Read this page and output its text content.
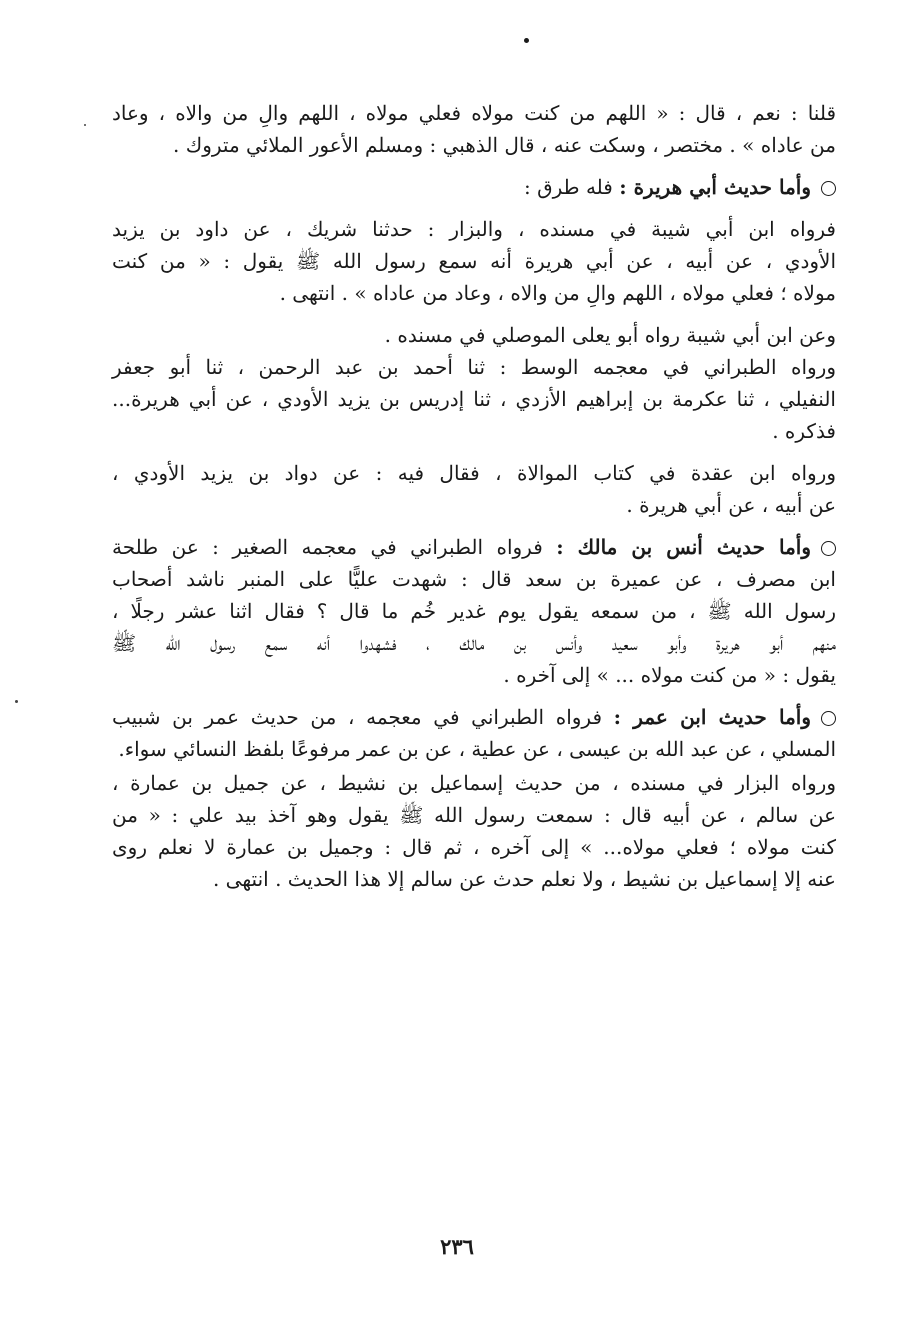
قلنا : نعم ، قال : « اللهم من كنت مولاه فعلي مولاه ، اللهم والِ من والاه ، وعاد
من عاداه » . مختصر ، وسكت عنه ، قال الذهبي : ومسلم الأعور الملائي متروك .
وأما حديث أبي هريرة : فله طرق :
فرواه ابن أبي شيبة في مسنده ، والبزار : حدثنا شريك ، عن داود بن يزيد
الأودي ، عن أبيه ، عن أبي هريرة أنه سمع رسول الله ﷺ يقول : « من كنت
مولاه ؛ فعلي مولاه ، اللهم والِ من والاه ، وعاد من عاداه » . انتهى .
وعن ابن أبي شيبة رواه أبو يعلى الموصلي في مسنده .
ورواه الطبراني في معجمه الوسط : ثنا أحمد بن عبد الرحمن ، ثنا أبو جعفر
النفيلي ، ثنا عكرمة بن إبراهيم الأزدي ، ثنا إدريس بن يزيد الأودي ، عن أبي هريرة...
فذكره .
ورواه ابن عقدة في كتاب الموالاة ، فقال فيه : عن دواد بن يزيد الأودي ،
عن أبيه ، عن أبي هريرة .
وأما حديث أنس بن مالك : فرواه الطبراني في معجمه الصغير : عن طلحة
ابن مصرف ، عن عميرة بن سعد قال : شهدت عليًّا على المنبر ناشد أصحاب
رسول الله ﷺ ، من سمعه يقول يوم غدير خُم ما قال ؟ فقال اثنا عشر رجلًا ،
منهم أبو هريرة وأبو سعيد وأنس بن مالك ، فشهدوا أنه سمع رسول الله ﷺ
يقول : « من كنت مولاه ... » إلى آخره .
وأما حديث ابن عمر : فرواه الطبراني في معجمه ، من حديث عمر بن شبيب
المسلي ، عن عبد الله بن عيسى ، عن عطية ، عن بن عمر مرفوعًا بلفظ النسائي سواء.
ورواه البزار في مسنده ، من حديث إسماعيل بن نشيط ، عن جميل بن عمارة ،
عن سالم ، عن أبيه قال : سمعت رسول الله ﷺ يقول وهو آخذ بيد علي : « من
كنت مولاه ؛ فعلي مولاه... » إلى آخره ، ثم قال : وجميل بن عمارة لا نعلم روى
عنه إلا إسماعيل بن نشيط ، ولا نعلم حدث عن سالم إلا هذا الحديث . انتهى .
٢٣٦
